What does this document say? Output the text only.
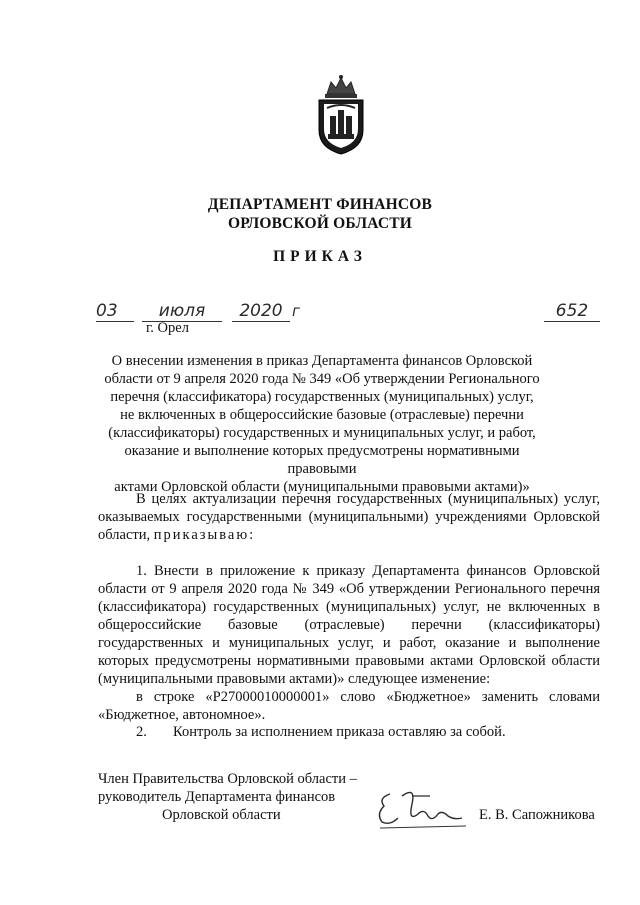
ДЕПАРТАМЕНТ ФИНАНСОВ
ОРЛОВСКОЙ ОБЛАСТИ
ПРИКАЗ
03	июля	2020 г	652
г. Орел
О внесении изменения в приказ Департамента финансов Орловской
области от 9 апреля 2020 года № 349 «Об утверждении Регионального
перечня (классификатора) государственных (муниципальных) услуг,
не включенных в общероссийские базовые (отраслевые) перечни
(классификаторы) государственных и муниципальных услуг, и работ,
оказание и выполнение которых предусмотрены нормативными правовыми
актами Орловской области (муниципальными правовыми актами)»
В целях актуализации перечня государственных (муниципальных) услуг, оказываемых государственными (муниципальными) учреждениями Орловской области, приказываю:
1. Внести в приложение к приказу Департамента финансов Орловской области от 9 апреля 2020 года № 349 «Об утверждении Регионального перечня (классификатора) государственных (муниципальных) услуг, не включенных в общероссийские базовые (отраслевые) перечни (классификаторы) государственных и муниципальных услуг, и работ, оказание и выполнение которых предусмотрены нормативными правовыми актами Орловской области (муниципальными правовыми актами)» следующее изменение:
в строке «Р27000010000001» слово «Бюджетное» заменить словами «Бюджетное, автономное».
2. Контроль за исполнением приказа оставляю за собой.
Член Правительства Орловской области –
руководитель Департамента финансов
Орловской области	Е. В. Сапожникова
